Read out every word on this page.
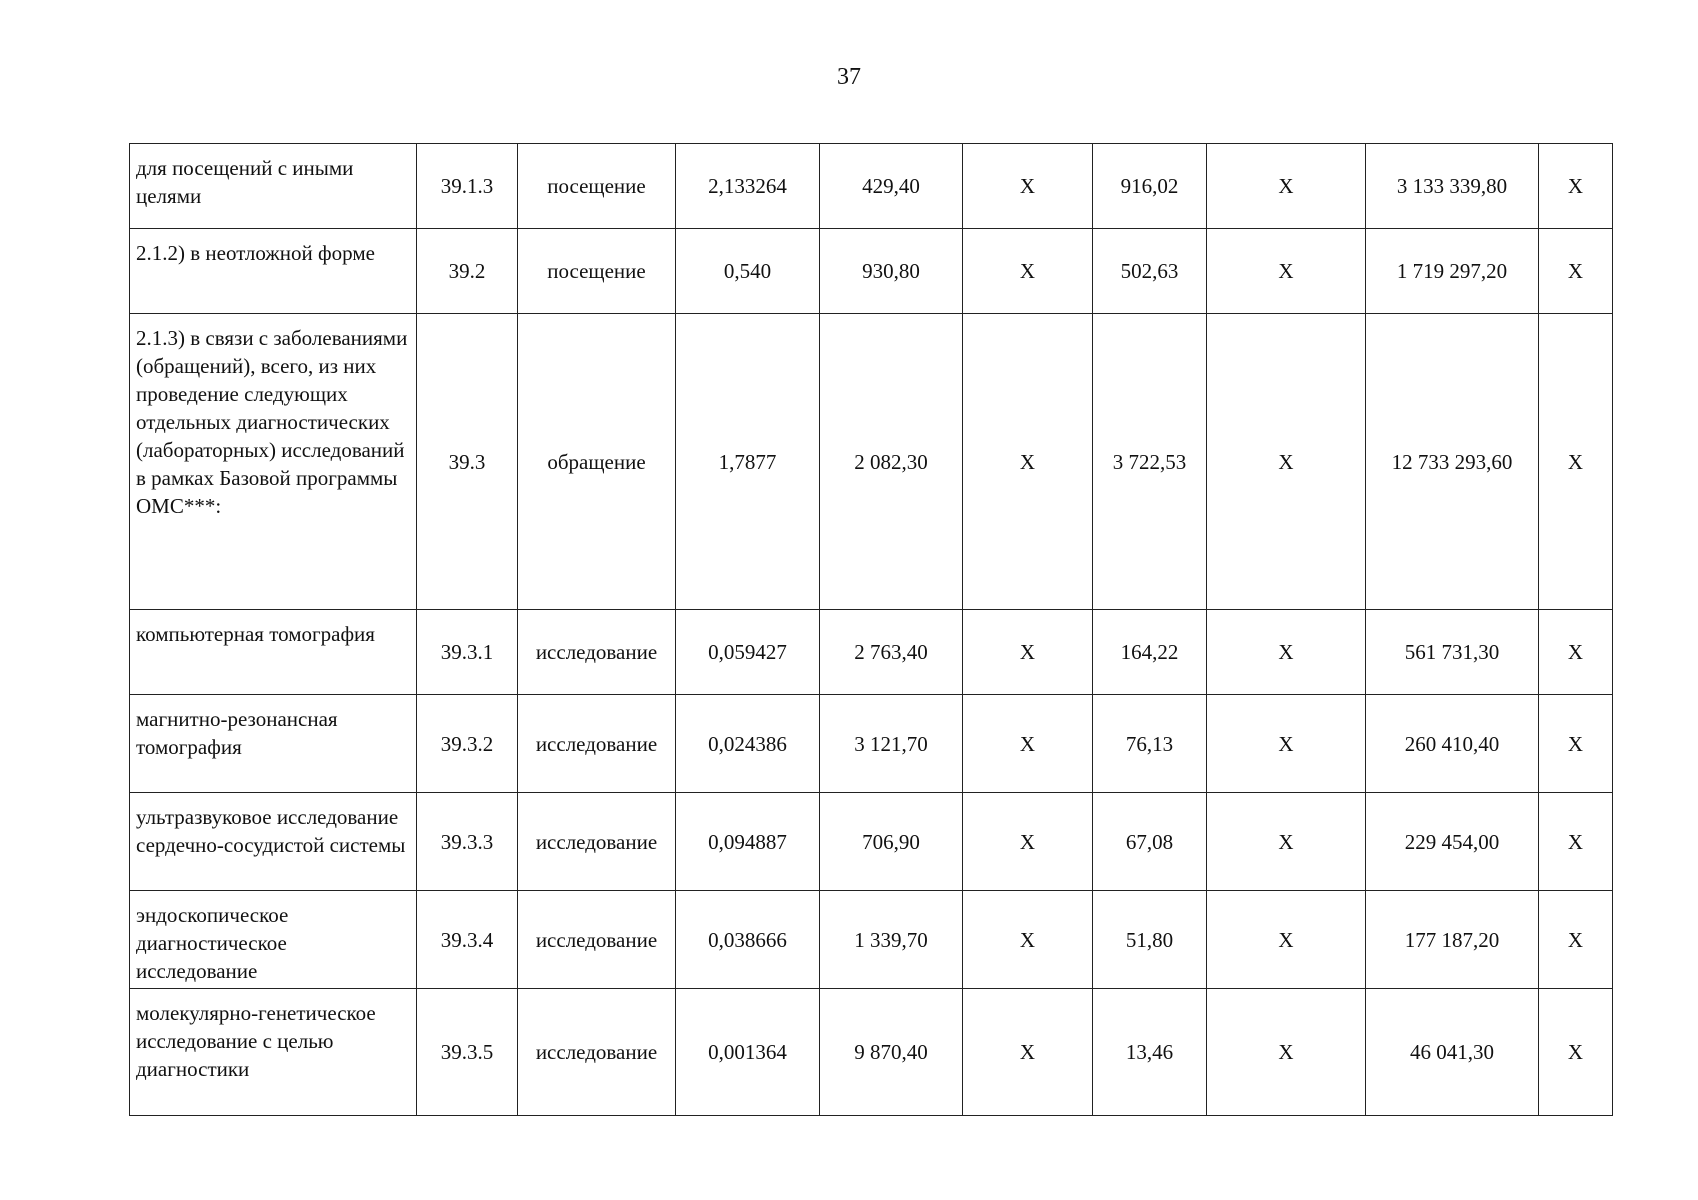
37
для посещений с иными целями	39.1.3	посещение	2,133264	429,40	X	916,02	X	3 133 339,80	X
2.1.2) в неотложной форме	39.2	посещение	0,540	930,80	X	502,63	X	1 719 297,20	X
2.1.3) в связи с заболеваниями (обращений), всего, из них проведение следующих отдельных диагностических (лабораторных) исследований в рамках Базовой программы ОМС***:	39.3	обращение	1,7877	2 082,30	X	3 722,53	X	12 733 293,60	X
компьютерная томография	39.3.1	исследование	0,059427	2 763,40	X	164,22	X	561 731,30	X
магнитно-резонансная томография	39.3.2	исследование	0,024386	3 121,70	X	76,13	X	260 410,40	X
ультразвуковое исследование сердечно-сосудистой системы	39.3.3	исследование	0,094887	706,90	X	67,08	X	229 454,00	X
эндоскопическое диагностическое исследование	39.3.4	исследование	0,038666	1 339,70	X	51,80	X	177 187,20	X
молекулярно-генетическое исследование с целью диагностики	39.3.5	исследование	0,001364	9 870,40	X	13,46	X	46 041,30	X
